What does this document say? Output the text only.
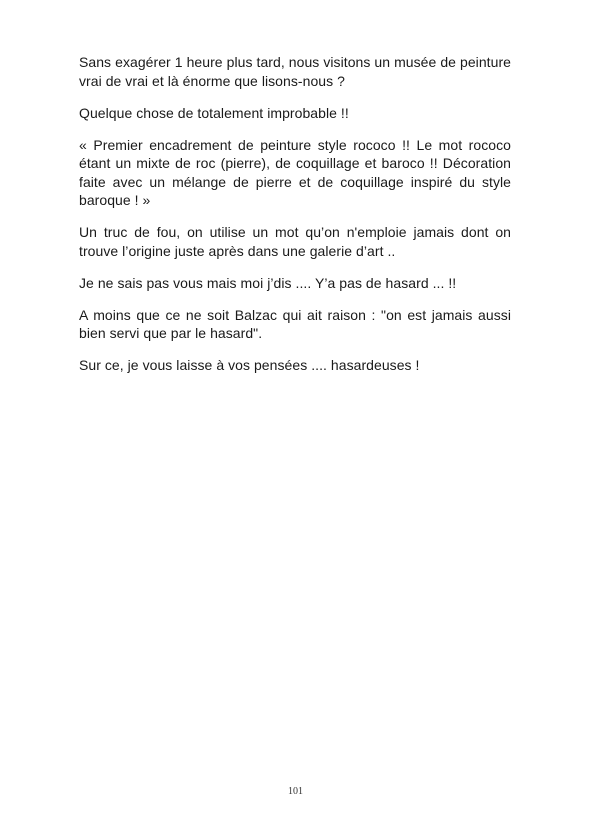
Sans exagérer 1 heure plus tard, nous visitons un musée de peinture vrai de vrai et là énorme que lisons-nous ?

Quelque chose de totalement improbable !!

« Premier encadrement de peinture style rococo !! Le mot rococo étant un mixte de roc (pierre), de coquillage et baroco !! Décoration faite avec un mélange de pierre et de coquillage inspiré du style baroque ! »

Un truc de fou, on utilise un mot qu’on n'emploie jamais dont on trouve l’origine juste après dans une galerie d’art ..

Je ne sais pas vous mais moi j’dis .... Y’a pas de hasard ... !!

A moins que ce ne soit Balzac qui ait raison : "on est jamais aussi bien servi que par le hasard".

Sur ce, je vous laisse à vos pensées .... hasardeuses !

101
